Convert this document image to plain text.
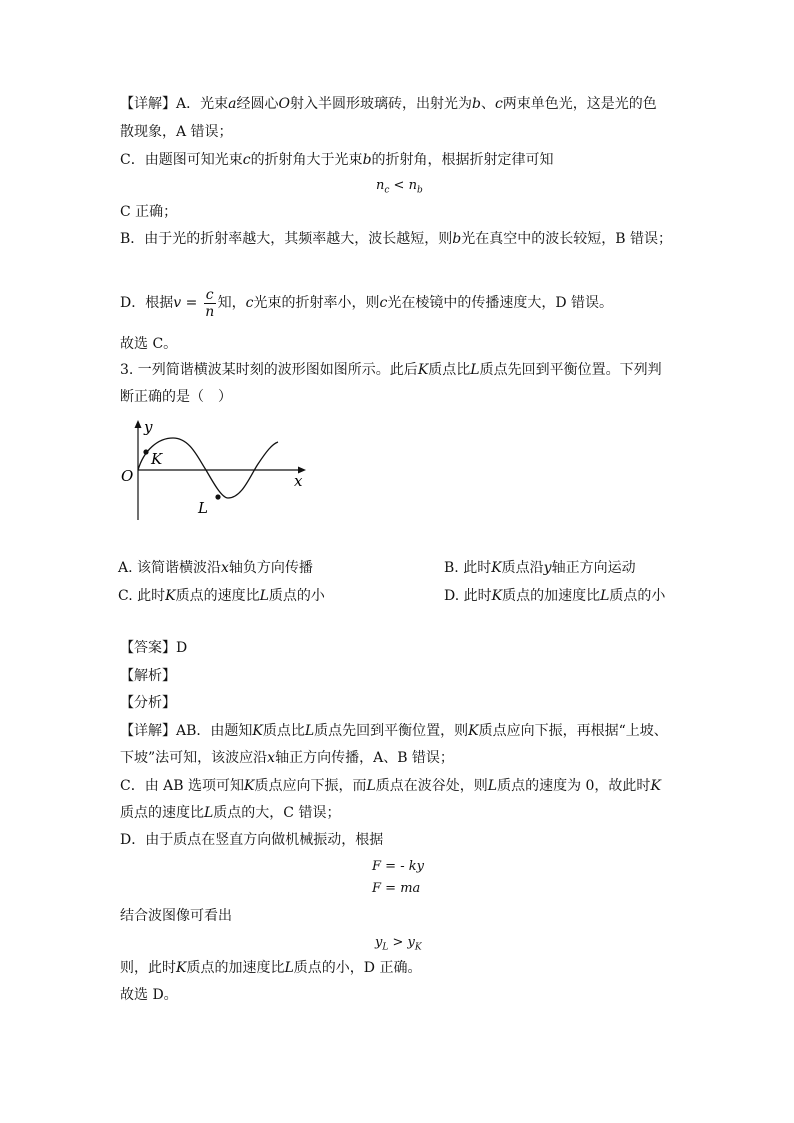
【详解】A．光束a经圆心O射入半圆形玻璃砖，出射光为b、c两束单色光，这是光的色
散现象，A 错误；
C．由题图可知光束c的折射角大于光束b的折射角，根据折射定律可知
$n_c < n_b$
C 正确；
B．由于光的折射率越大，其频率越大，波长越短，则b光在真空中的波长较短，B 错误；
D．根据$v = \frac{c}{n}$ 知，c光束的折射率小，则c光在棱镜中的传播速度大，D 错误。
故选 C。
3. 一列简谐横波某时刻的波形图如图所示。此后K质点比L质点先回到平衡位置。下列判
断正确的是（　）
y
x
O
K
L
A. 该简谐横波沿x轴负方向传播	B. 此时K质点沿y轴正方向运动
C. 此时K质点的速度比L质点的小	D. 此时K质点的加速度比L质点的小
【答案】D
【解析】
【分析】
【详解】AB．由题知K质点比L质点先回到平衡位置，则K质点应向下振，再根据“上坡、
下坡”法可知，该波应沿x轴正方向传播，A、B 错误；
C．由 AB 选项可知K质点应向下振，而L质点在波谷处，则L质点的速度为 0，故此时K
质点的速度比L质点的大，C 错误；
D．由于质点在竖直方向做机械振动，根据
F = - ky
F = ma
结合波图像可看出
$y_L > y_K$
则，此时K质点的加速度比L质点的小，D 正确。
故选 D。
